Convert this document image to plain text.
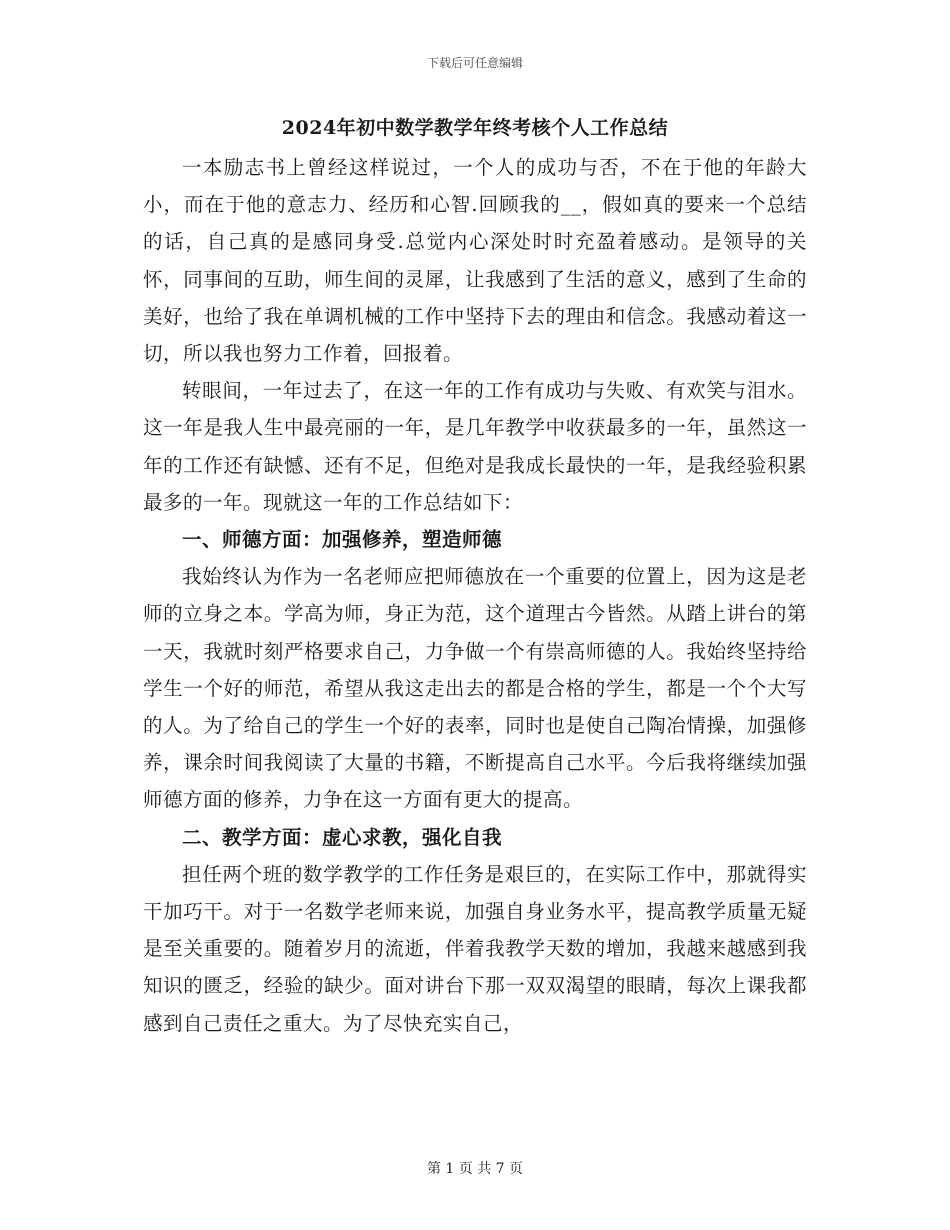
下载后可任意编辑
2024年初中数学教学年终考核个人工作总结

一本励志书上曾经这样说过，一个人的成功与否，不在于他的年龄大小，而在于他的意志力、经历和心智.回顾我的__，假如真的要来一个总结的话，自己真的是感同身受.总觉内心深处时时充盈着感动。是领导的关怀，同事间的互助，师生间的灵犀，让我感到了生活的意义，感到了生命的美好，也给了我在单调机械的工作中坚持下去的理由和信念。我感动着这一切，所以我也努力工作着，回报着。

转眼间，一年过去了，在这一年的工作有成功与失败、有欢笑与泪水。这一年是我人生中最亮丽的一年，是几年教学中收获最多的一年，虽然这一年的工作还有缺憾、还有不足，但绝对是我成长最快的一年，是我经验积累最多的一年。现就这一年的工作总结如下：

一、师德方面：加强修养，塑造师德

我始终认为作为一名老师应把师德放在一个重要的位置上，因为这是老师的立身之本。学高为师，身正为范，这个道理古今皆然。从踏上讲台的第一天，我就时刻严格要求自己，力争做一个有崇高师德的人。我始终坚持给学生一个好的师范，希望从我这走出去的都是合格的学生，都是一个个大写的人。为了给自己的学生一个好的表率，同时也是使自己陶冶情操，加强修养，课余时间我阅读了大量的书籍，不断提高自己水平。今后我将继续加强师德方面的修养，力争在这一方面有更大的提高。

二、教学方面：虚心求教，强化自我

担任两个班的数学教学的工作任务是艰巨的，在实际工作中，那就得实干加巧干。对于一名数学老师来说，加强自身业务水平，提高教学质量无疑是至关重要的。随着岁月的流逝，伴着我教学天数的增加，我越来越感到我知识的匮乏，经验的缺少。面对讲台下那一双双渴望的眼睛，每次上课我都感到自己责任之重大。为了尽快充实自己，

第 1 页 共 7 页
